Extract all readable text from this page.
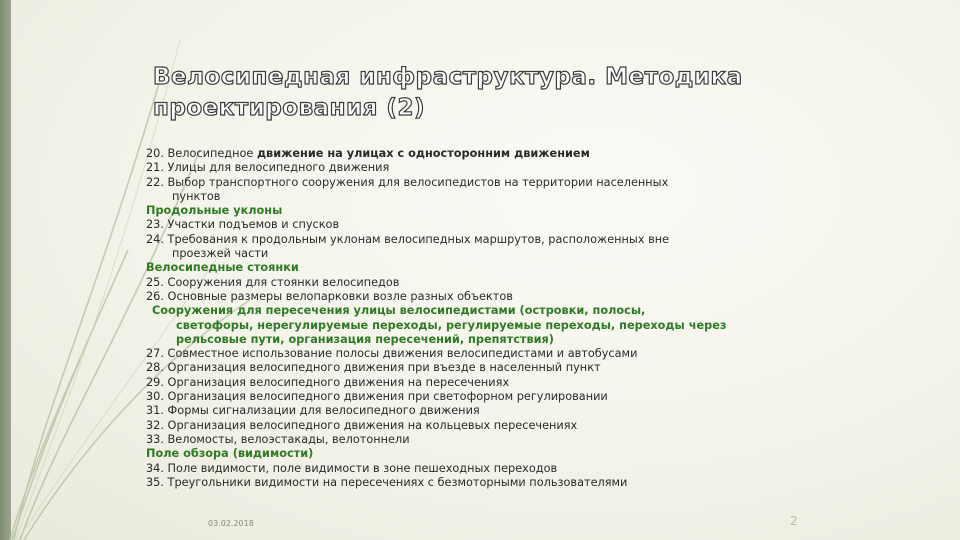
Велосипедная инфраструктура. Методика
проектирования (2)
20. Велосипедное движение на улицах с односторонним движением
21. Улицы для велосипедного движения
22. Выбор транспортного сооружения для велосипедистов на территории населенных
пунктов
Продольные уклоны
23. Участки подъемов и спусков
24. Требования к продольным уклонам велосипедных маршрутов, расположенных вне
проезжей части
Велосипедные стоянки
25. Сооружения для стоянки велосипедов
26. Основные размеры велопарковки возле разных объектов
Сооружения для пересечения улицы велосипедистами (островки, полосы,
светофоры, нерегулируемые переходы, регулируемые переходы, переходы через
рельсовые пути, организация пересечений, препятствия)
27. Совместное использование полосы движения велосипедистами и автобусами
28. Организация велосипедного движения при въезде в населенный пункт
29. Организация велосипедного движения на пересечениях
30. Организация велосипедного движения при светофорном регулировании
31. Формы сигнализации для велосипедного движения
32. Организация велосипедного движения на кольцевых пересечениях
33. Веломосты, велоэстакады, велотоннели
Поле обзора (видимости)
34. Поле видимости, поле видимости в зоне пешеходных переходов
35. Треугольники видимости на пересечениях с безмоторными пользователями
03.02.2018	2
